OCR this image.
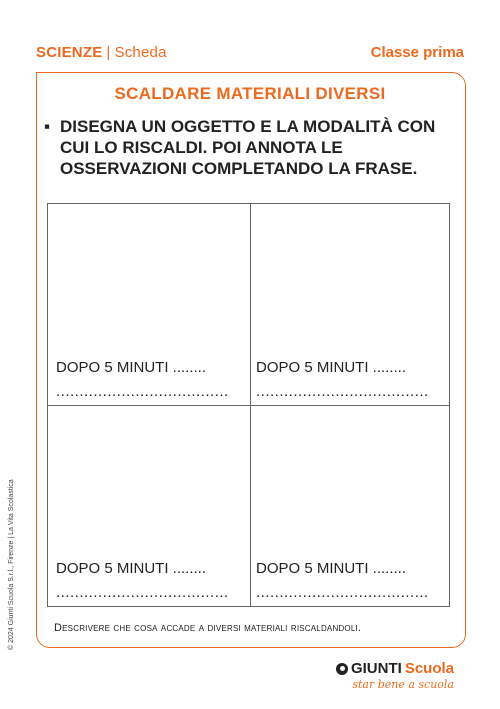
SCIENZE | Scheda	Classe prima
SCALDARE MATERIALI DIVERSI
▪ DISEGNA UN OGGETTO E LA MODALITÀ CON CUI LO RISCALDI. POI ANNOTA LE OSSERVAZIONI COMPLETANDO LA FRASE.
DOPO 5 MINUTI ........
.....................................
DOPO 5 MINUTI ........
.....................................
DOPO 5 MINUTI ........
.....................................
DOPO 5 MINUTI ........
.....................................
Descrivere che cosa accade a diversi materiali riscaldandoli.
© 2024 Giunti Scuola S.r.l., Firenze | La Vita Scolastica
GIUNTI Scuola
star bene a scuola
